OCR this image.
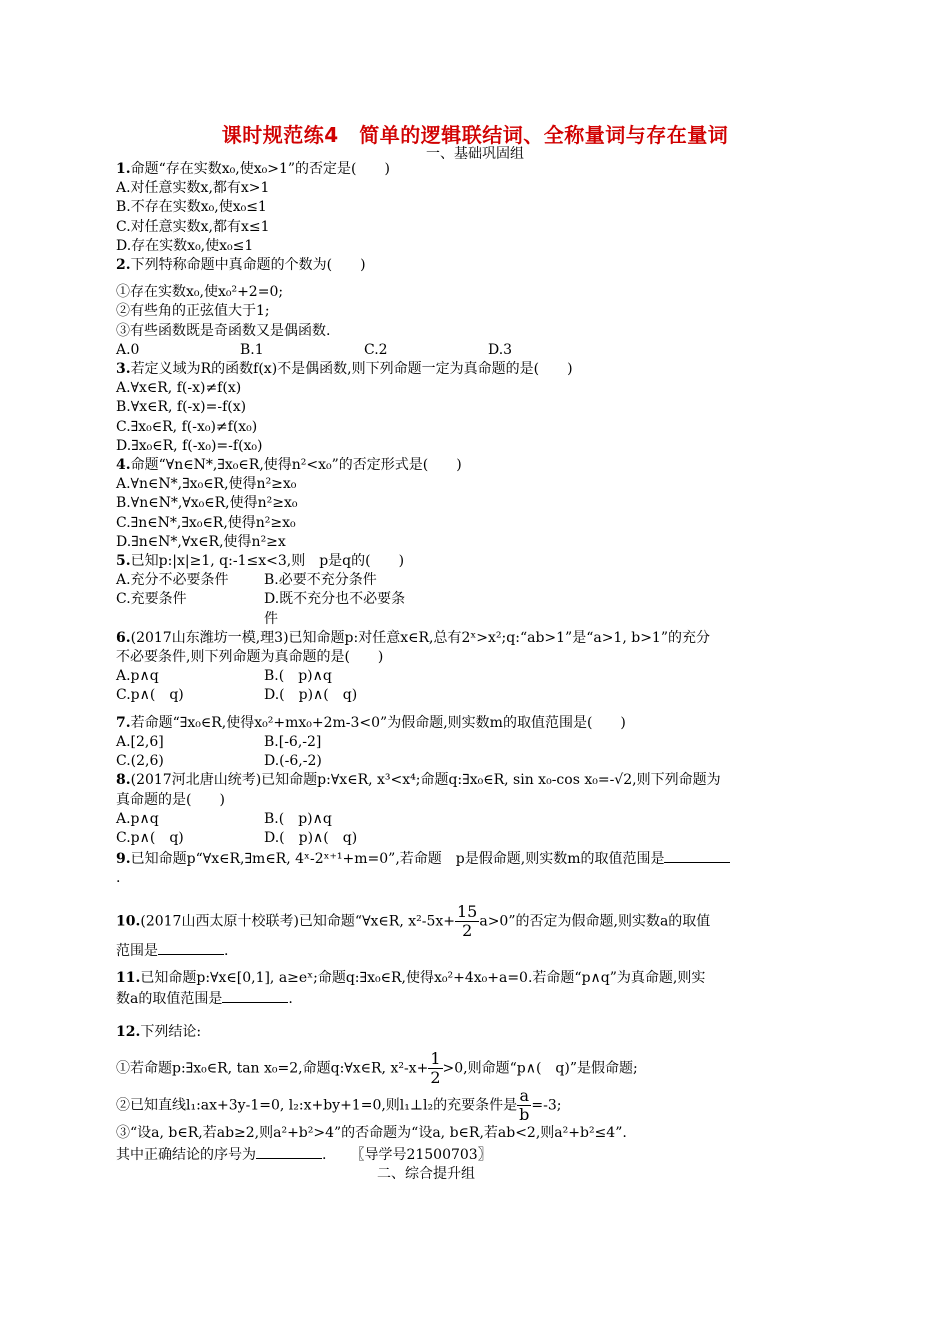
课时规范练4　简单的逻辑联结词、全称量词与存在量词
一、基础巩固组
1.命题“存在实数x₀,使x₀>1”的否定是(　　)
A.对任意实数x,都有x>1
B.不存在实数x₀,使x₀≤1
C.对任意实数x,都有x≤1
D.存在实数x₀,使x₀≤1
2.下列特称命题中真命题的个数为(　　)
①存在实数x₀,使x₀²+2=0;
②有些角的正弦值大于1;
③有些函数既是奇函数又是偶函数.
A.0	B.1	C.2	D.3
3.若定义域为R的函数f(x)不是偶函数,则下列命题一定为真命题的是(　　)
A.∀x∈R, f(-x)≠f(x)
B.∀x∈R, f(-x)=-f(x)
C.∃x₀∈R, f(-x₀)≠f(x₀)
D.∃x₀∈R, f(-x₀)=-f(x₀)
4.命题“∀n∈N*,∃x₀∈R,使得n²<x₀”的否定形式是(　　)
A.∀n∈N*,∃x₀∈R,使得n²≥x₀
B.∀n∈N*,∀x₀∈R,使得n²≥x₀
C.∃n∈N*,∃x₀∈R,使得n²≥x₀
D.∃n∈N*,∀x∈R,使得n²≥x
5.已知p:|x|≥1, q:-1≤x<3,则　p是q的(　　)
A.充分不必要条件	B.必要不充分条件
C.充要条件	D.既不充分也不必要条件
6.(2017山东潍坊一模,理3)已知命题p:对任意x∈R,总有2ˣ>x²;q:“ab>1”是“a>1, b>1”的充分
不必要条件,则下列命题为真命题的是(　　)
A.p∧q	B.(　p)∧q
C.p∧(　q)	D.(　p)∧(　q)
7.若命题“∃x₀∈R,使得x₀²+mx₀+2m-3<0”为假命题,则实数m的取值范围是(　　)
A.[2,6]	B.[-6,-2]
C.(2,6)	D.(-6,-2)
8.(2017河北唐山统考)已知命题p:∀x∈R, x³<x⁴;命题q:∃x₀∈R, sin x₀-cos x₀=-√2,则下列命题为
真命题的是(　　)
A.p∧q	B.(　p)∧q
C.p∧(　q)	D.(　p)∧(　q)
9.已知命题p“∀x∈R,∃m∈R, 4ˣ-2ˣ⁺¹+m=0”,若命题　p是假命题,则实数m的取值范围是
.
10.(2017山西太原十校联考)已知命题“∀x∈R, $x^2-5x+ \frac{15}{2} a>0$”的否定为假命题,则实数a的取值
范围是	.
11.已知命题p:∀x∈[0,1], a≥eˣ;命题q:∃x₀∈R,使得x₀²+4x₀+a=0.若命题“p∧q”为真命题,则实
数a的取值范围是	.
12.下列结论:
①若命题p:∃x₀∈R, tan x₀=2,命题q:∀x∈R, $x^2-x+ \frac{1}{2} >0$,则命题“p∧(　q)”是假命题;
②已知直线l₁:ax+3y-1=0, l₂:x+by+1=0,则l₁⊥l₂的充要条件是 $\frac{a}{b} =-3$;
③“设a, b∈R,若ab≥2,则a²+b²>4”的否命题为“设a, b∈R,若ab<2,则a²+b²≤4”.
其中正确结论的序号为	. 〖导学号21500703〗
二、综合提升组
